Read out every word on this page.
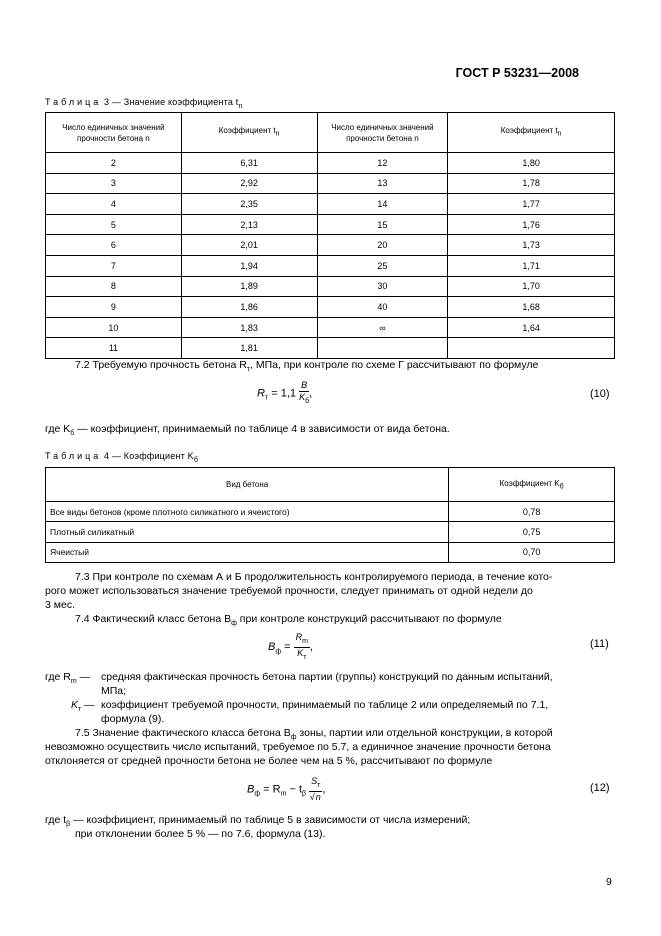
ГОСТ Р 53231—2008
Таблица 3 — Значение коэффициента $t_n$
Число единичных значений прочности бетона n	Коэффициент $t_n$	Число единичных значений прочности бетона n	Коэффициент $t_n$
2	6,31	12	1,80
3	2,92	13	1,78
4	2,35	14	1,77
5	2,13	15	1,76
6	2,01	20	1,73
7	1,94	25	1,71
8	1,89	30	1,70
9	1,86	40	1,68
10	1,83	∞	1,64
11	1,81		
7.2 Требуемую прочность бетона $R_т$, МПа, при контроле по схеме Г рассчитывают по формуле
$R_т = 1,1 \frac{B}{K_б}$ ,	(10)
где $K_б$ — коэффициент, принимаемый по таблице 4 в зависимости от вида бетона.
Таблица 4 — Коэффициент $K_б$
Вид бетона	Коэффициент $K_б$
Все виды бетонов (кроме плотного силикатного и ячеистого)	0,78
Плотный силикатный	0,75
Ячеистый	0,70
7.3 При контроле по схемам А и Б продолжительность контролируемого периода, в течение кото-
рого может использоваться значение требуемой прочности, следует принимать от одной недели до
3 мес.
7.4 Фактический класс бетона $B_ф$ при контроле конструкций рассчитывают по формуле
$B_ф = \frac{R_m}{K_т}$ ,	(11)
где $R_m$ — средняя фактическая прочность бетона партии (группы) конструкций по данным испытаний,
МПа;
$K_т$ — коэффициент требуемой прочности, принимаемый по таблице 2 или определяемый по 7.1,
формула (9).
7.5 Значение фактического класса бетона $B_ф$ зоны, партии или отдельной конструкции, в которой
невозможно осуществить число испытаний, требуемое по 5.7, а единичное значение прочности бетона
отклоняется от средней прочности бетона не более чем на 5 %, рассчитывают по формуле
$B_ф = R_m - t_\beta \frac{S_т}{√n}$ ,	(12)
где $t_\beta$ — коэффициент, принимаемый по таблице 5 в зависимости от числа измерений;
при отклонении более 5 % — по 7.6, формула (13).
9
